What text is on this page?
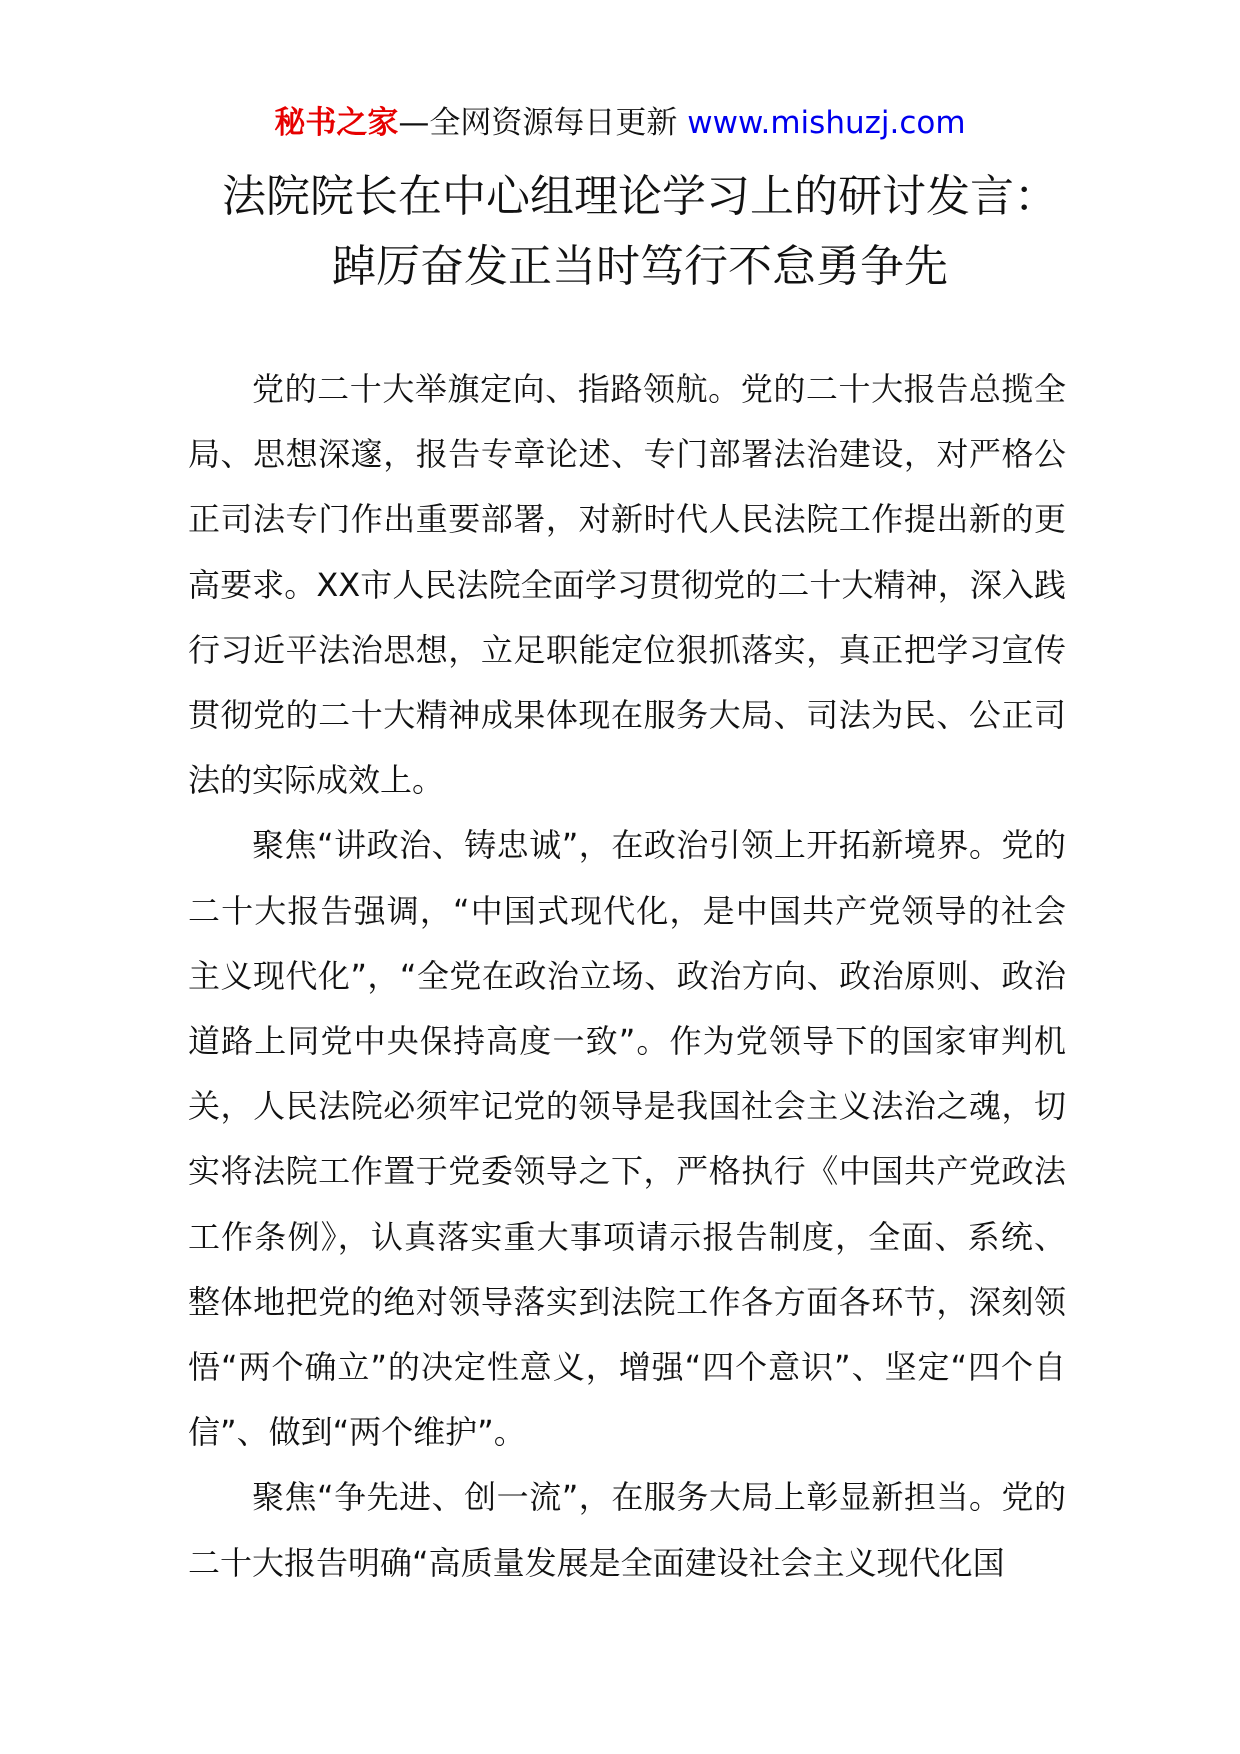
秘书之家—全网资源每日更新 www.mishuzj.com
法院院长在中心组理论学习上的研讨发言：
踔厉奋发正当时笃行不怠勇争先

党的二十大举旗定向、指路领航。党的二十大报告总揽全局、思想深邃，报告专章论述、专门部署法治建设，对严格公正司法专门作出重要部署，对新时代人民法院工作提出新的更高要求。XX市人民法院全面学习贯彻党的二十大精神，深入践行习近平法治思想，立足职能定位狠抓落实，真正把学习宣传贯彻党的二十大精神成果体现在服务大局、司法为民、公正司法的实际成效上。

聚焦“讲政治、铸忠诚”，在政治引领上开拓新境界。党的二十大报告强调，“中国式现代化，是中国共产党领导的社会主义现代化”，“全党在政治立场、政治方向、政治原则、政治道路上同党中央保持高度一致”。作为党领导下的国家审判机关，人民法院必须牢记党的领导是我国社会主义法治之魂，切实将法院工作置于党委领导之下，严格执行《中国共产党政法工作条例》，认真落实重大事项请示报告制度，全面、系统、整体地把党的绝对领导落实到法院工作各方面各环节，深刻领悟“两个确立”的决定性意义，增强“四个意识”、坚定“四个自信”、做到“两个维护”。

聚焦“争先进、创一流”，在服务大局上彰显新担当。党的二十大报告明确“高质量发展是全面建设社会主义现代化国
